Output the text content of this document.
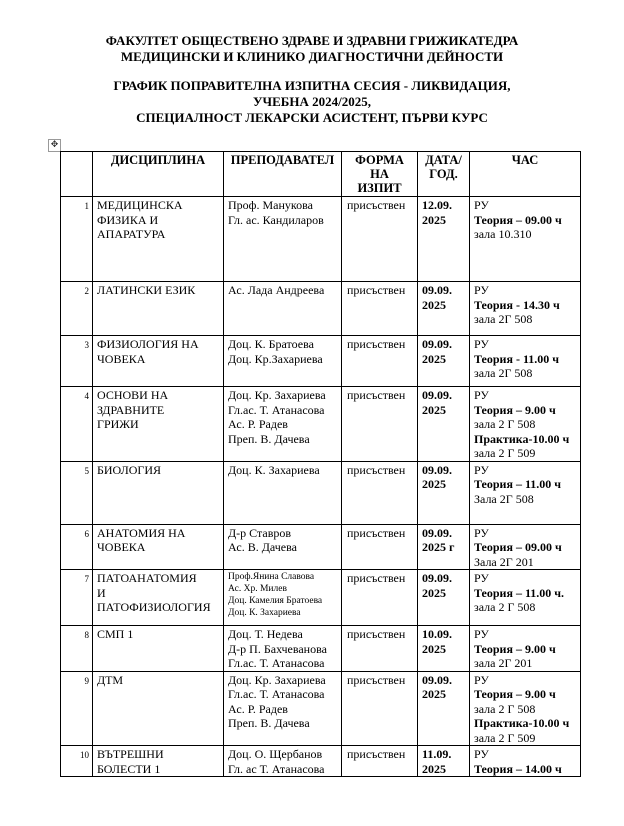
ФАКУЛТЕТ ОБЩЕСТВЕНО ЗДРАВЕ И ЗДРАВНИ ГРИЖИКАТЕДРА
МЕДИЦИНСКИ И КЛИНИКО ДИАГНОСТИЧНИ ДЕЙНОСТИ
ГРАФИК ПОПРАВИТЕЛНА ИЗПИТНА СЕСИЯ - ЛИКВИДАЦИЯ,
УЧЕБНА 2024/2025,
СПЕЦИАЛНОСТ ЛЕКАРСКИ АСИСТЕНТ, ПЪРВИ КУРС
✥
	ДИСЦИПЛИНА	ПРЕПОДАВАТЕЛ	ФОРМА
НА
ИЗПИТ	ДАТА/
ГОД.	ЧАС
1	МЕДИЦИНСКА
ФИЗИКА И
АПАРАТУРА	Проф. Манукова
Гл. ас. Кандиларов	присъствен	12.09.
2025	РУ
Теория – 09.00 ч
зала 10.310

2	ЛАТИНСКИ ЕЗИК	Ас. Лада Андреева	присъствен	09.09.
2025	РУ
Теория - 14.30 ч
зала 2Г 508

3	ФИЗИОЛОГИЯ НА
ЧОВЕКА	Доц. К. Братоева
Доц. Кр.Захариева	присъствен	09.09.
2025	РУ
Теория - 11.00 ч
зала 2Г 508

4	ОСНОВИ НА
ЗДРАВНИТЕ
ГРИЖИ	Доц. Кр. Захариева
Гл.ас. Т. Атанасова
Ас. Р. Радев
Преп. В. Дачева	присъствен	09.09.
2025	РУ
Теория – 9.00 ч
зала 2 Г 508
Практика-10.00 ч
зала 2 Г 509

5	БИОЛОГИЯ	Доц. К. Захариева	присъствен	09.09.
2025	РУ
Теория – 11.00 ч
Зала 2Г 508

6	АНАТОМИЯ НА
ЧОВЕКА	Д-р Ставров
Ас. В. Дачева	присъствен	09.09.
2025 г	РУ
Теория – 09.00 ч
Зала 2Г 201

7	ПАТОАНАТОМИЯ
И
ПАТОФИЗИОЛОГИЯ	Проф.Янина Славова
Ас. Хр. Милев
Доц. Камелия Братоева
Доц. К. Захариева	присъствен	09.09.
2025	РУ
Теория – 11.00 ч.
зала 2 Г 508

8	СМП 1	Доц. Т. Недева
Д-р П. Бахчеванова
Гл.ас. Т. Атанасова	присъствен	10.09.
2025	РУ
Теория – 9.00 ч
зала 2Г 201

9	ДТМ	Доц. Кр. Захариева
Гл.ас. Т. Атанасова
Ас. Р. Радев
Преп. В. Дачева	присъствен	09.09.
2025	РУ
Теория – 9.00 ч
зала 2 Г 508
Практика-10.00 ч
зала 2 Г 509

10	ВЪТРЕШНИ
БОЛЕСТИ 1	Доц. О. Щербанов
Гл. ас Т. Атанасова	присъствен	11.09.
2025	РУ
Теория – 14.00 ч
